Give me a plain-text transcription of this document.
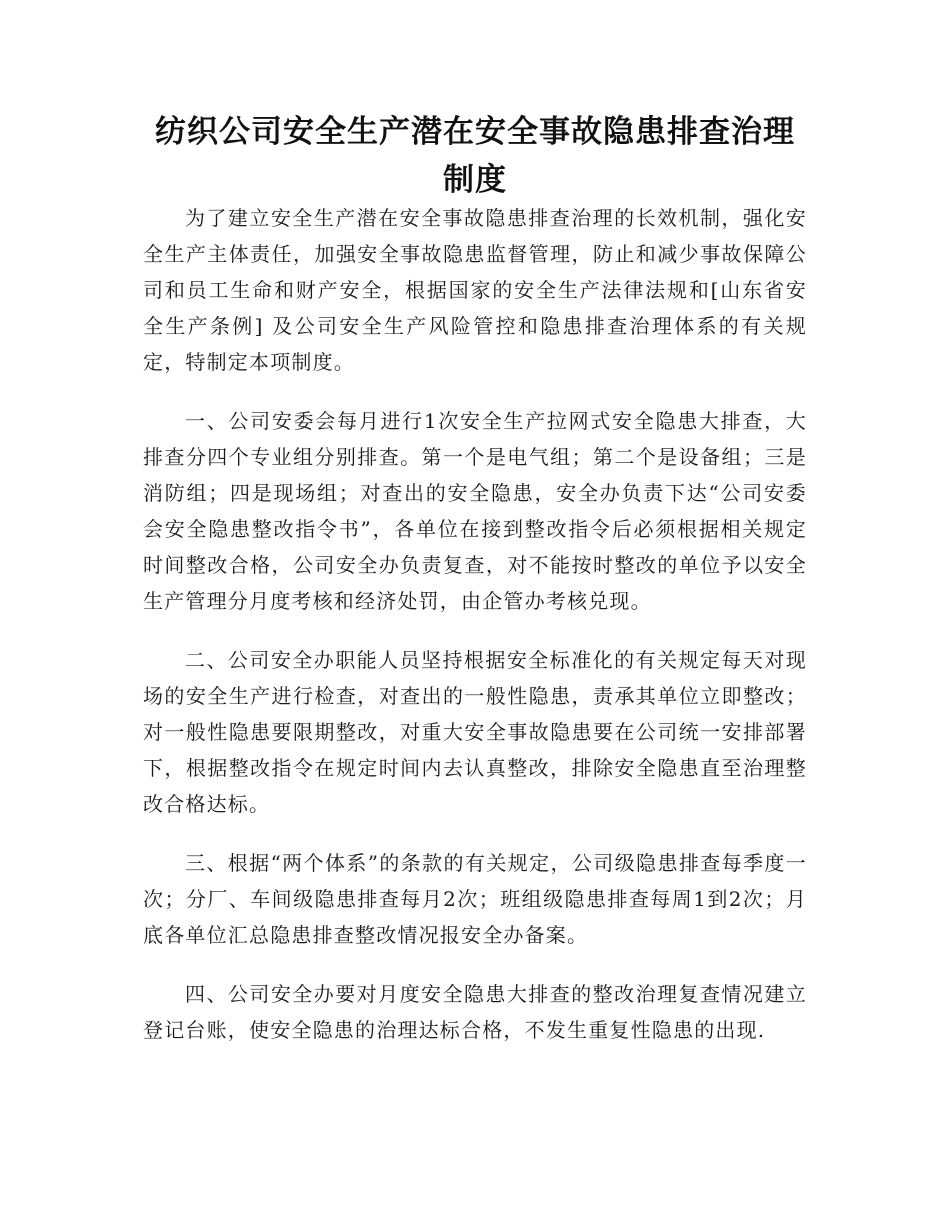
纺织公司安全生产潜在安全事故隐患排查治理制度

为了建立安全生产潜在安全事故隐患排查治理的长效机制，强化安全生产主体责任，加强安全事故隐患监督管理，防止和减少事故保障公司和员工生命和财产安全，根据国家的安全生产法律法规和[山东省安全生产条例] 及公司安全生产风险管控和隐患排查治理体系的有关规定，特制定本项制度。

一、公司安委会每月进行1次安全生产拉网式安全隐患大排查，大排查分四个专业组分别排查。第一个是电气组；第二个是设备组；三是消防组；四是现场组；对查出的安全隐患，安全办负责下达“公司安委会安全隐患整改指令书”，各单位在接到整改指令后必须根据相关规定时间整改合格，公司安全办负责复查，对不能按时整改的单位予以安全生产管理分月度考核和经济处罚，由企管办考核兑现。

二、公司安全办职能人员坚持根据安全标准化的有关规定每天对现场的安全生产进行检查，对查出的一般性隐患，责承其单位立即整改；对一般性隐患要限期整改，对重大安全事故隐患要在公司统一安排部署下，根据整改指令在规定时间内去认真整改，排除安全隐患直至治理整改合格达标。

三、根据“两个体系”的条款的有关规定，公司级隐患排查每季度一次；分厂、车间级隐患排查每月2次；班组级隐患排查每周1到2次；月底各单位汇总隐患排查整改情况报安全办备案。

四、公司安全办要对月度安全隐患大排查的整改治理复查情况建立登记台账，使安全隐患的治理达标合格，不发生重复性隐患的出现.
